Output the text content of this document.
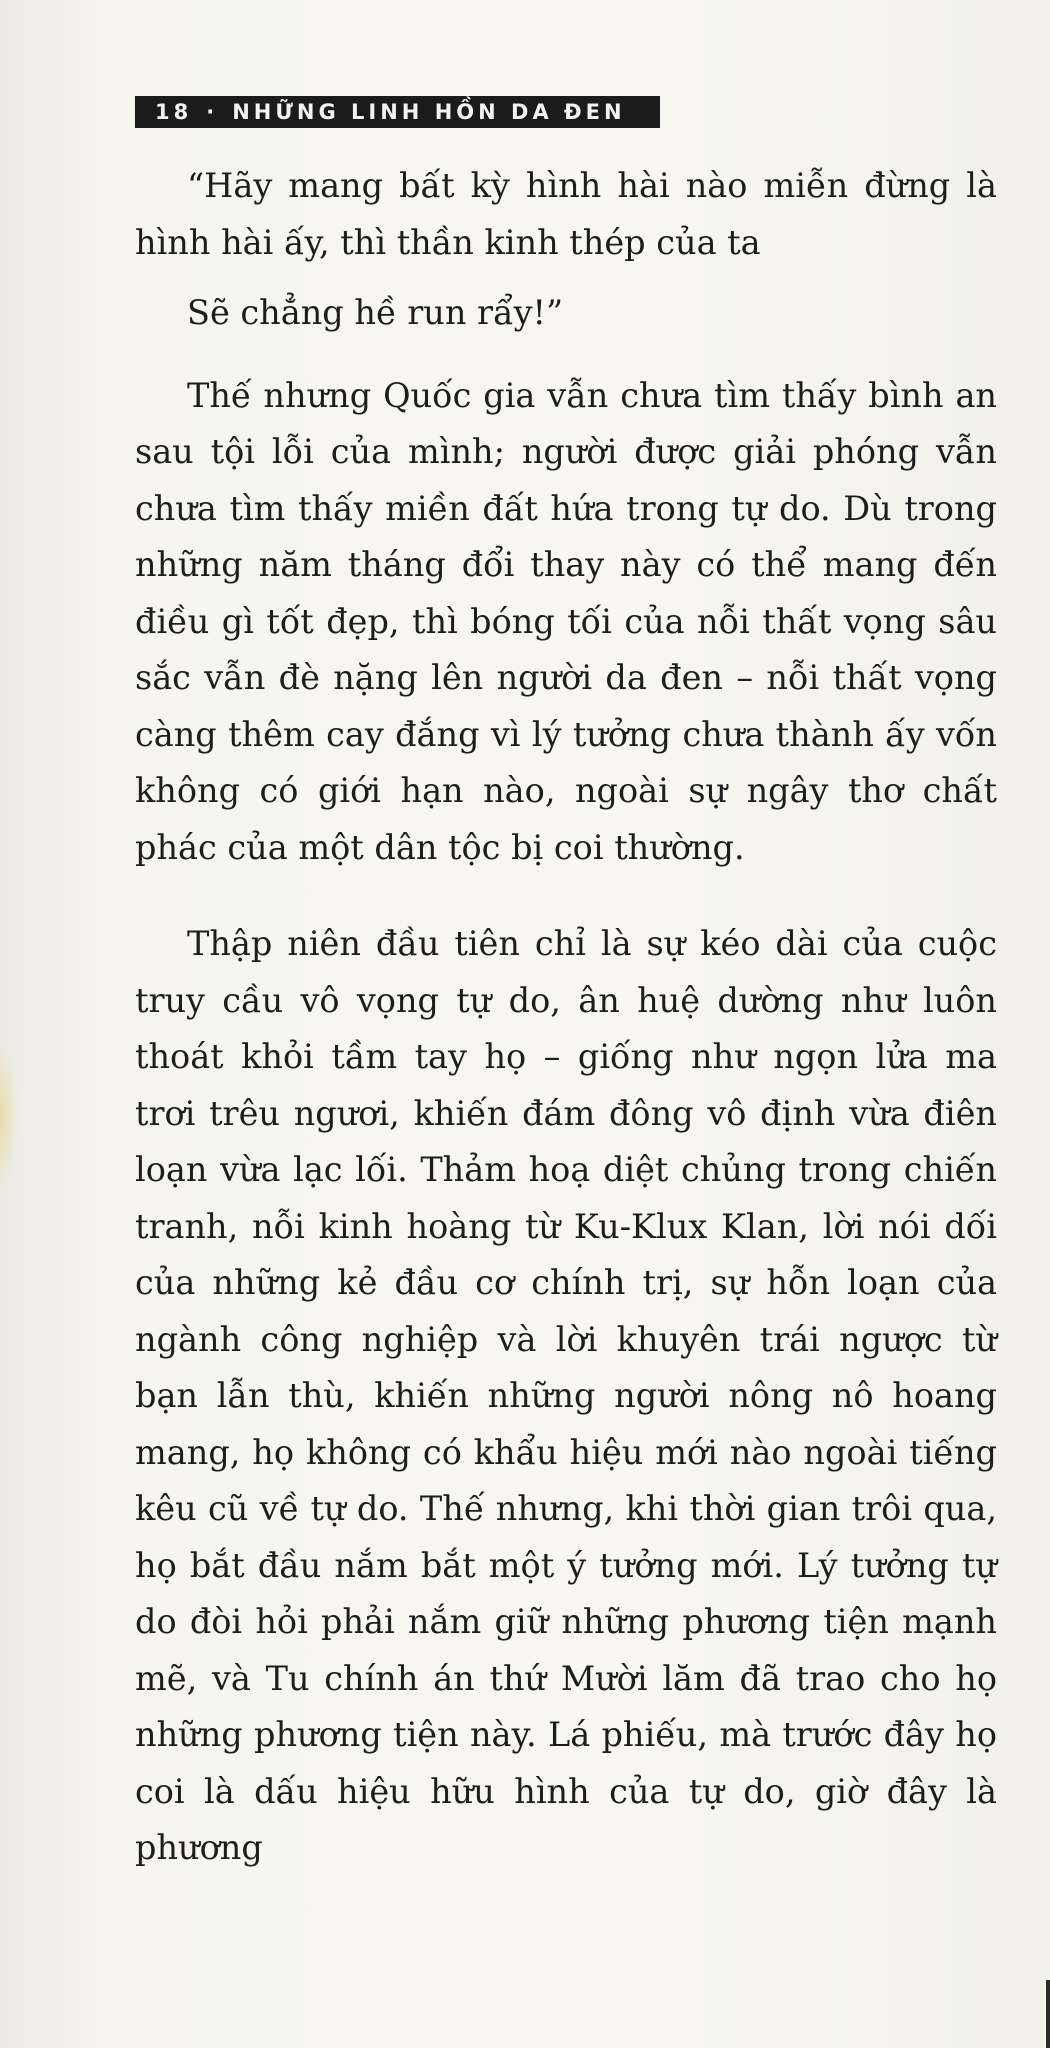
18 · NHỮNG LINH HỒN DA ĐEN

“Hãy mang bất kỳ hình hài nào miễn đừng là hình hài ấy, thì thần kinh thép của ta

Sẽ chẳng hề run rẩy!”

Thế nhưng Quốc gia vẫn chưa tìm thấy bình an sau tội lỗi của mình; người được giải phóng vẫn chưa tìm thấy miền đất hứa trong tự do. Dù trong những năm tháng đổi thay này có thể mang đến điều gì tốt đẹp, thì bóng tối của nỗi thất vọng sâu sắc vẫn đè nặng lên người da đen – nỗi thất vọng càng thêm cay đắng vì lý tưởng chưa thành ấy vốn không có giới hạn nào, ngoài sự ngây thơ chất phác của một dân tộc bị coi thường.

Thập niên đầu tiên chỉ là sự kéo dài của cuộc truy cầu vô vọng tự do, ân huệ dường như luôn thoát khỏi tầm tay họ – giống như ngọn lửa ma trơi trêu ngươi, khiến đám đông vô định vừa điên loạn vừa lạc lối. Thảm hoạ diệt chủng trong chiến tranh, nỗi kinh hoàng từ Ku-Klux Klan, lời nói dối của những kẻ đầu cơ chính trị, sự hỗn loạn của ngành công nghiệp và lời khuyên trái ngược từ bạn lẫn thù, khiến những người nông nô hoang mang, họ không có khẩu hiệu mới nào ngoài tiếng kêu cũ về tự do. Thế nhưng, khi thời gian trôi qua, họ bắt đầu nắm bắt một ý tưởng mới. Lý tưởng tự do đòi hỏi phải nắm giữ những phương tiện mạnh mẽ, và Tu chính án thứ Mười lăm đã trao cho họ những phương tiện này. Lá phiếu, mà trước đây họ coi là dấu hiệu hữu hình của tự do, giờ đây là phương
